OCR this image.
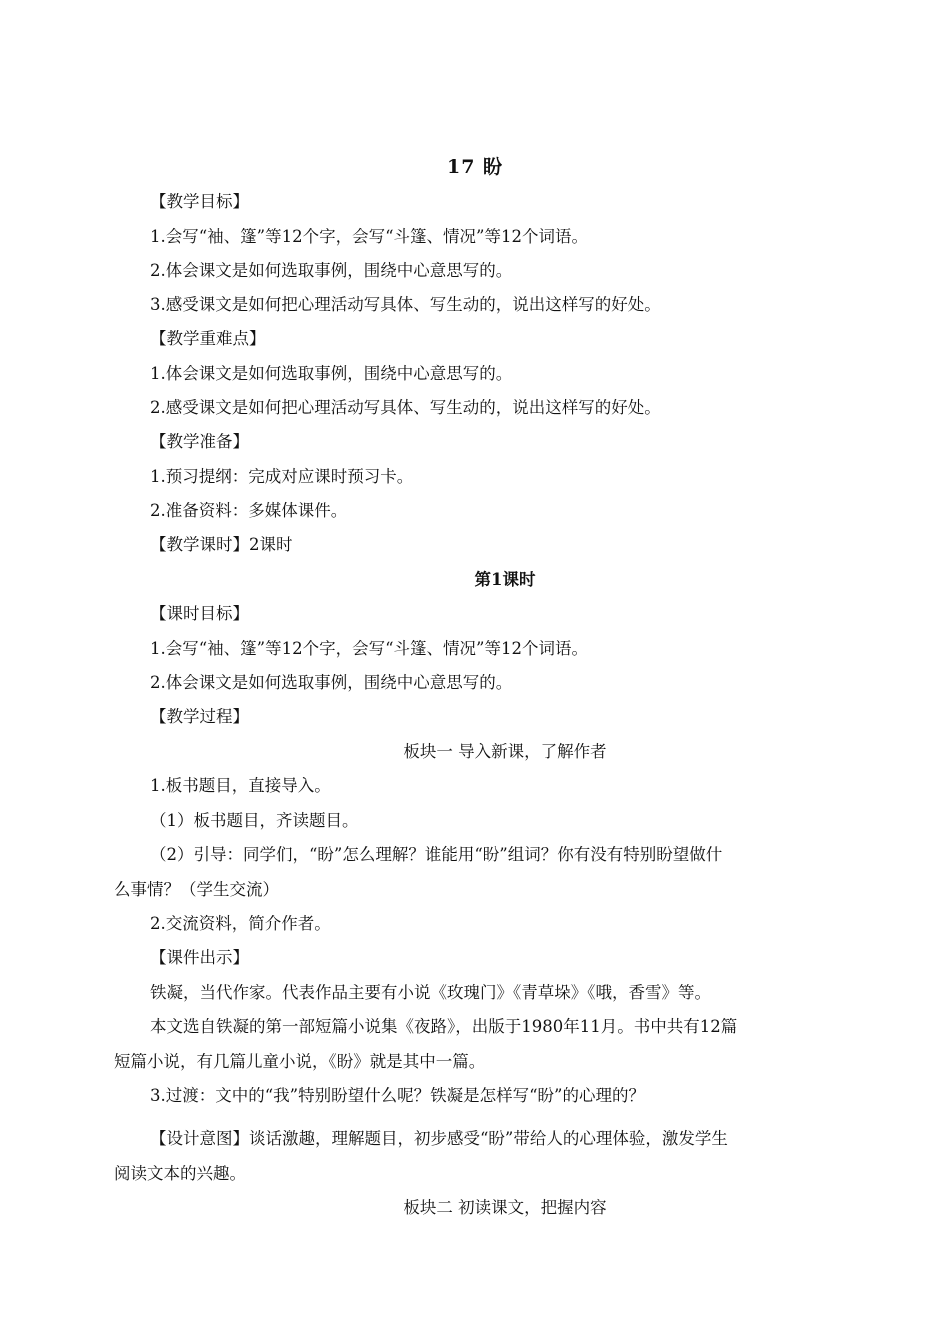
17 盼
【教学目标】
1.会写“袖、篷”等12个字，会写“斗篷、情况”等12个词语。
2.体会课文是如何选取事例，围绕中心意思写的。
3.感受课文是如何把心理活动写具体、写生动的，说出这样写的好处。
【教学重难点】
1.体会课文是如何选取事例，围绕中心意思写的。
2.感受课文是如何把心理活动写具体、写生动的，说出这样写的好处。
【教学准备】
1.预习提纲：完成对应课时预习卡。
2.准备资料：多媒体课件。
【教学课时】2课时
第1课时
【课时目标】
1.会写“袖、篷”等12个字，会写“斗篷、情况”等12个词语。
2.体会课文是如何选取事例，围绕中心意思写的。
【教学过程】
板块一 导入新课，了解作者
1.板书题目，直接导入。
（1）板书题目，齐读题目。
（2）引导：同学们，“盼”怎么理解？谁能用“盼”组词？你有没有特别盼望做什
么事情？（学生交流）
2.交流资料，简介作者。
【课件出示】
铁凝，当代作家。代表作品主要有小说《玫瑰门》《青草垛》《哦，香雪》等。
本文选自铁凝的第一部短篇小说集《夜路》，出版于1980年11月。书中共有12篇
短篇小说，有几篇儿童小说，《盼》就是其中一篇。
3.过渡：文中的“我”特别盼望什么呢？铁凝是怎样写“盼”的心理的？
【设计意图】谈话激趣，理解题目，初步感受“盼”带给人的心理体验，激发学生
阅读文本的兴趣。
板块二 初读课文，把握内容
